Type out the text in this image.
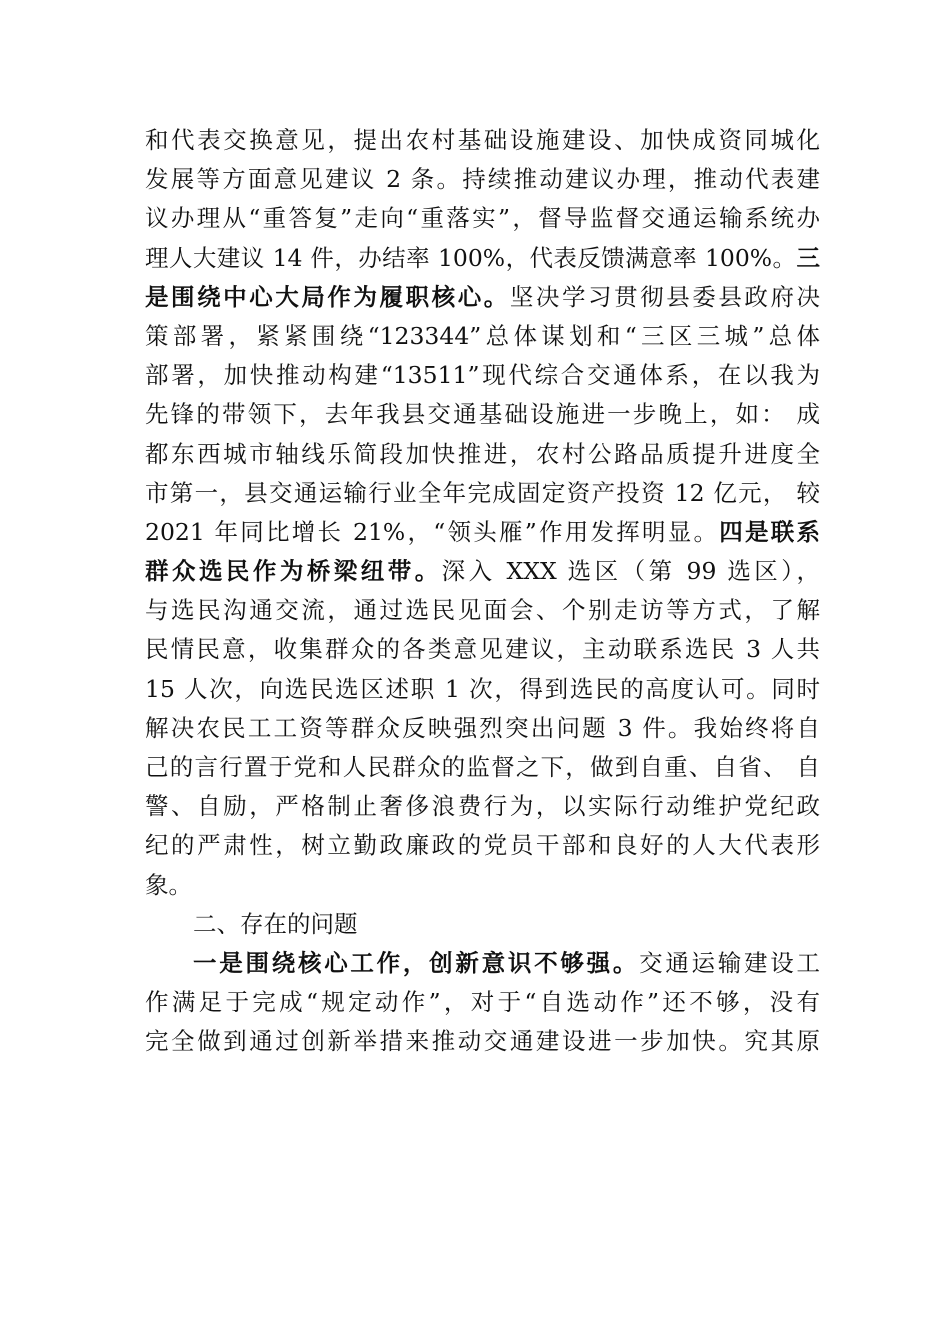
和代表交换意见，提出农村基础设施建设、加快成资同城化
发展等方面意见建议 2 条。持续推动建议办理，推动代表建
议办理从“重答复”走向“重落实”，督导监督交通运输系统办
理人大建议 14 件，办结率 100%，代表反馈满意率 100%。三
是围绕中心大局作为履职核心。坚决学习贯彻县委县政府决
策部署，紧紧围绕“123344”总体谋划和“三区三城”总体
部署，加快推动构建“13511”现代综合交通体系，在以我为
先锋的带领下，去年我县交通基础设施进一步晚上，如： 成
都东西城市轴线乐简段加快推进，农村公路品质提升进度全
市第一，县交通运输行业全年完成固定资产投资 12 亿元， 较
2021 年同比增长 21%，“领头雁”作用发挥明显。四是联系
群众选民作为桥梁纽带。深入 XXX 选区（第 99 选区），
与选民沟通交流，通过选民见面会、个别走访等方式，了解
民情民意，收集群众的各类意见建议，主动联系选民 3 人共
15 人次，向选民选区述职 1 次，得到选民的高度认可。同时
解决农民工工资等群众反映强烈突出问题 3 件。我始终将自
己的言行置于党和人民群众的监督之下，做到自重、自省、 自
警、自励，严格制止奢侈浪费行为，以实际行动维护党纪政
纪的严肃性，树立勤政廉政的党员干部和良好的人大代表形
象。
二、存在的问题
一是围绕核心工作，创新意识不够强。交通运输建设工
作满足于完成“规定动作”，对于“自选动作”还不够，没有
完全做到通过创新举措来推动交通建设进一步加快。究其原
